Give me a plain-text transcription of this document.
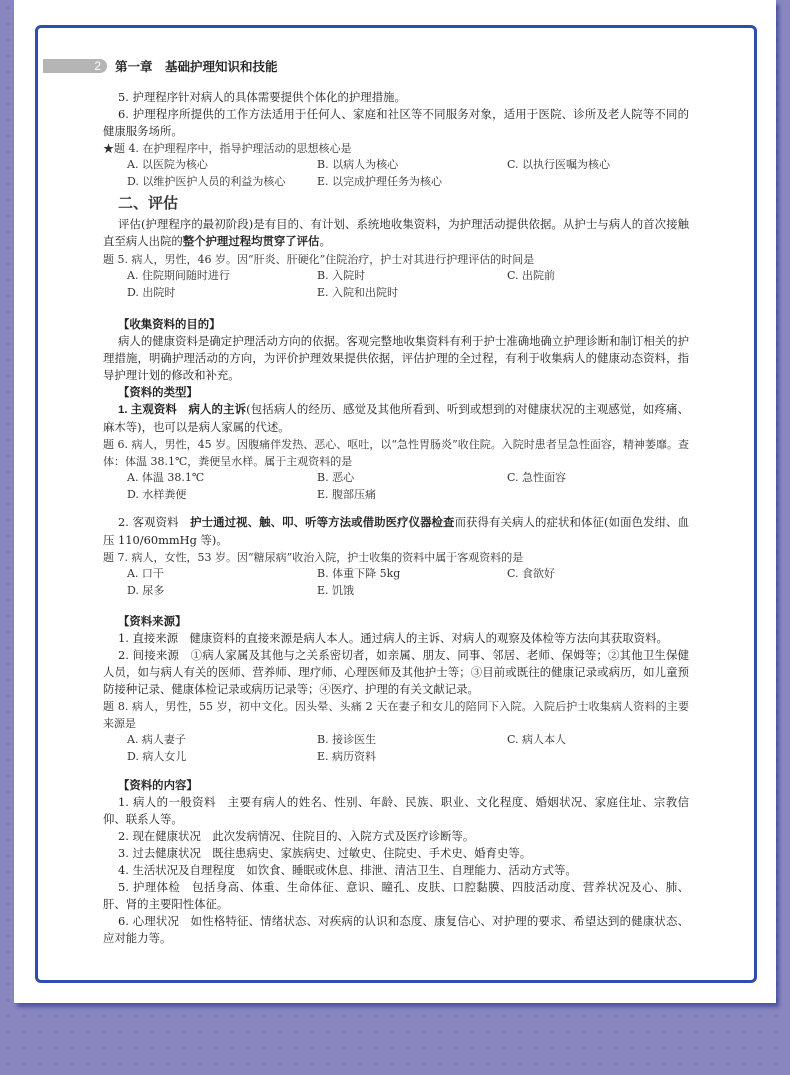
2	第一章　基础护理知识和技能

5. 护理程序针对病人的具体需要提供个体化的护理措施。

6. 护理程序所提供的工作方法适用于任何人、家庭和社区等不同服务对象，适用于医院、诊所及老人院等不同的健康服务场所。

★题 4. 在护理程序中，指导护理活动的思想核心是

A. 以医院为核心	B. 以病人为核心	C. 以执行医嘱为核心
D. 以维护医护人员的利益为核心	E. 以完成护理任务为核心
二、评估

评估(护理程序的最初阶段)是有目的、有计划、系统地收集资料，为护理活动提供依据。从护士与病人的首次接触直至病人出院的整个护理过程均贯穿了评估。

题 5. 病人，男性，46 岁。因“肝炎、肝硬化”住院治疗，护士对其进行护理评估的时间是

A. 住院期间随时进行	B. 入院时	C. 出院前
D. 出院时	E. 入院和出院时

【收集资料的目的】

病人的健康资料是确定护理活动方向的依据。客观完整地收集资料有利于护士准确地确立护理诊断和制订相关的护理措施，明确护理活动的方向，为评价护理效果提供依据，评估护理的全过程，有利于收集病人的健康动态资料，指导护理计划的修改和补充。

【资料的类型】

1. 主观资料　病人的主诉(包括病人的经历、感觉及其他所看到、听到或想到的对健康状况的主观感觉，如疼痛、麻木等)，也可以是病人家属的代述。

题 6. 病人，男性，45 岁。因腹痛伴发热、恶心、呕吐，以“急性胃肠炎”收住院。入院时患者呈急性面容，精神萎靡。查体：体温 38.1℃，粪便呈水样。属于主观资料的是

A. 体温 38.1℃	B. 恶心	C. 急性面容
D. 水样粪便	E. 腹部压痛

2. 客观资料　护士通过视、触、叩、听等方法或借助医疗仪器检查而获得有关病人的症状和体征(如面色发绀、血压 110/60mmHg 等)。

题 7. 病人，女性，53 岁。因“糖尿病”收治入院，护士收集的资料中属于客观资料的是

A. 口干	B. 体重下降 5kg	C. 食欲好
D. 尿多	E. 饥饿

【资料来源】

1. 直接来源　健康资料的直接来源是病人本人。通过病人的主诉、对病人的观察及体检等方法向其获取资料。

2. 间接来源　①病人家属及其他与之关系密切者，如亲属、朋友、同事、邻居、老师、保姆等；②其他卫生保健人员，如与病人有关的医师、营养师、理疗师、心理医师及其他护士等；③目前或既往的健康记录或病历，如儿童预防接种记录、健康体检记录或病历记录等；④医疗、护理的有关文献记录。

题 8. 病人，男性，55 岁，初中文化。因头晕、头痛 2 天在妻子和女儿的陪同下入院。入院后护士收集病人资料的主要来源是

A. 病人妻子	B. 接诊医生	C. 病人本人
D. 病人女儿	E. 病历资料

【资料的内容】

1. 病人的一般资料　主要有病人的姓名、性别、年龄、民族、职业、文化程度、婚姻状况、家庭住址、宗教信仰、联系人等。

2. 现在健康状况　此次发病情况、住院目的、入院方式及医疗诊断等。

3. 过去健康状况　既往患病史、家族病史、过敏史、住院史、手术史、婚育史等。

4. 生活状况及自理程度　如饮食、睡眠或休息、排泄、清洁卫生、自理能力、活动方式等。

5. 护理体检　包括身高、体重、生命体征、意识、瞳孔、皮肤、口腔黏膜、四肢活动度、营养状况及心、肺、肝、肾的主要阳性体征。

6. 心理状况　如性格特征、情绪状态、对疾病的认识和态度、康复信心、对护理的要求、希望达到的健康状态、应对能力等。
